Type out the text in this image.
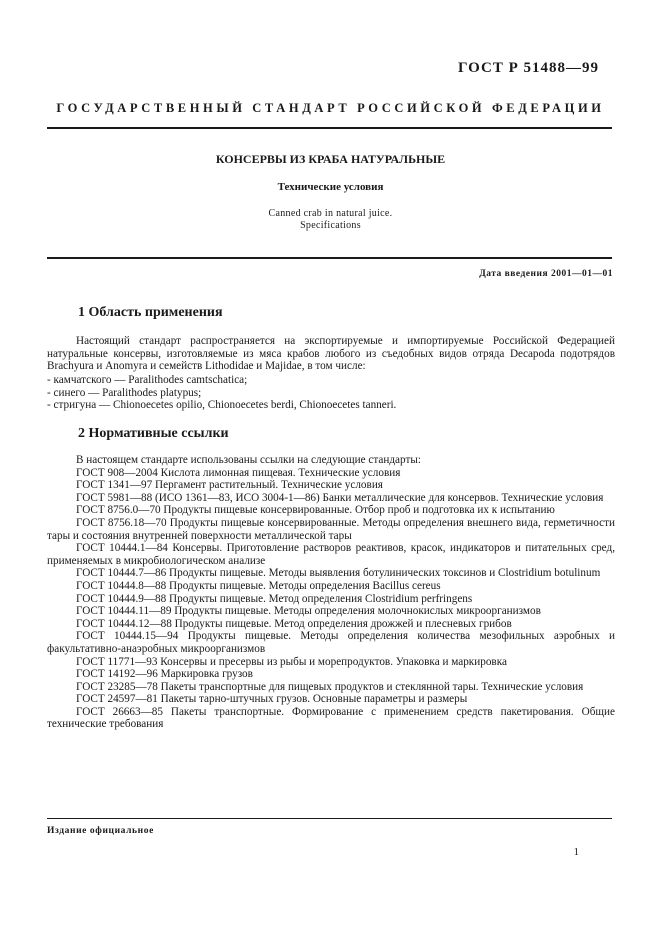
ГОСТ Р 51488—99
ГОСУДАРСТВЕННЫЙ СТАНДАРТ РОССИЙСКОЙ ФЕДЕРАЦИИ
КОНСЕРВЫ ИЗ КРАБА НАТУРАЛЬНЫЕ
Технические условия
Canned crab in natural juice.
Specifications
Дата введения 2001—01—01
1 Область применения
Настоящий стандарт распространяется на экспортируемые и импортируемые Российской Федерацией натуральные консервы, изготовляемые из мяса крабов любого из съедобных видов отряда Decapoda подотрядов Brachyura и Anomyra и семейств Lithodidae и Majidae, в том числе:
- камчатского — Paralithodes camtschatica;
- синего — Paralithodes platypus;
- стригуна — Chionoecetes opilio, Chionoecetes berdi, Chionoecetes tanneri.
2 Нормативные ссылки
В настоящем стандарте использованы ссылки на следующие стандарты:
ГОСТ 908—2004 Кислота лимонная пищевая. Технические условия
ГОСТ 1341—97 Пергамент растительный. Технические условия
ГОСТ 5981—88 (ИСО 1361—83, ИСО 3004-1—86) Банки металлические для консервов. Технические условия
ГОСТ 8756.0—70 Продукты пищевые консервированные. Отбор проб и подготовка их к испытанию
ГОСТ 8756.18—70 Продукты пищевые консервированные. Методы определения внешнего вида, герметичности тары и состояния внутренней поверхности металлической тары
ГОСТ 10444.1—84 Консервы. Приготовление растворов реактивов, красок, индикаторов и питательных сред, применяемых в микробиологическом анализе
ГОСТ 10444.7—86 Продукты пищевые. Методы выявления ботулинических токсинов и Clostridium botulinum
ГОСТ 10444.8—88 Продукты пищевые. Методы определения Bacillus cereus
ГОСТ 10444.9—88 Продукты пищевые. Метод определения Clostridium perfringens
ГОСТ 10444.11—89 Продукты пищевые. Методы определения молочнокислых микроорганизмов
ГОСТ 10444.12—88 Продукты пищевые. Метод определения дрожжей и плесневых грибов
ГОСТ 10444.15—94 Продукты пищевые. Методы определения количества мезофильных аэробных и факультативно-анаэробных микроорганизмов
ГОСТ 11771—93 Консервы и пресервы из рыбы и морепродуктов. Упаковка и маркировка
ГОСТ 14192—96 Маркировка грузов
ГОСТ 23285—78 Пакеты транспортные для пищевых продуктов и стеклянной тары. Технические условия
ГОСТ 24597—81 Пакеты тарно-штучных грузов. Основные параметры и размеры
ГОСТ 26663—85 Пакеты транспортные. Формирование с применением средств пакетирования. Общие технические требования
Издание официальное
1
